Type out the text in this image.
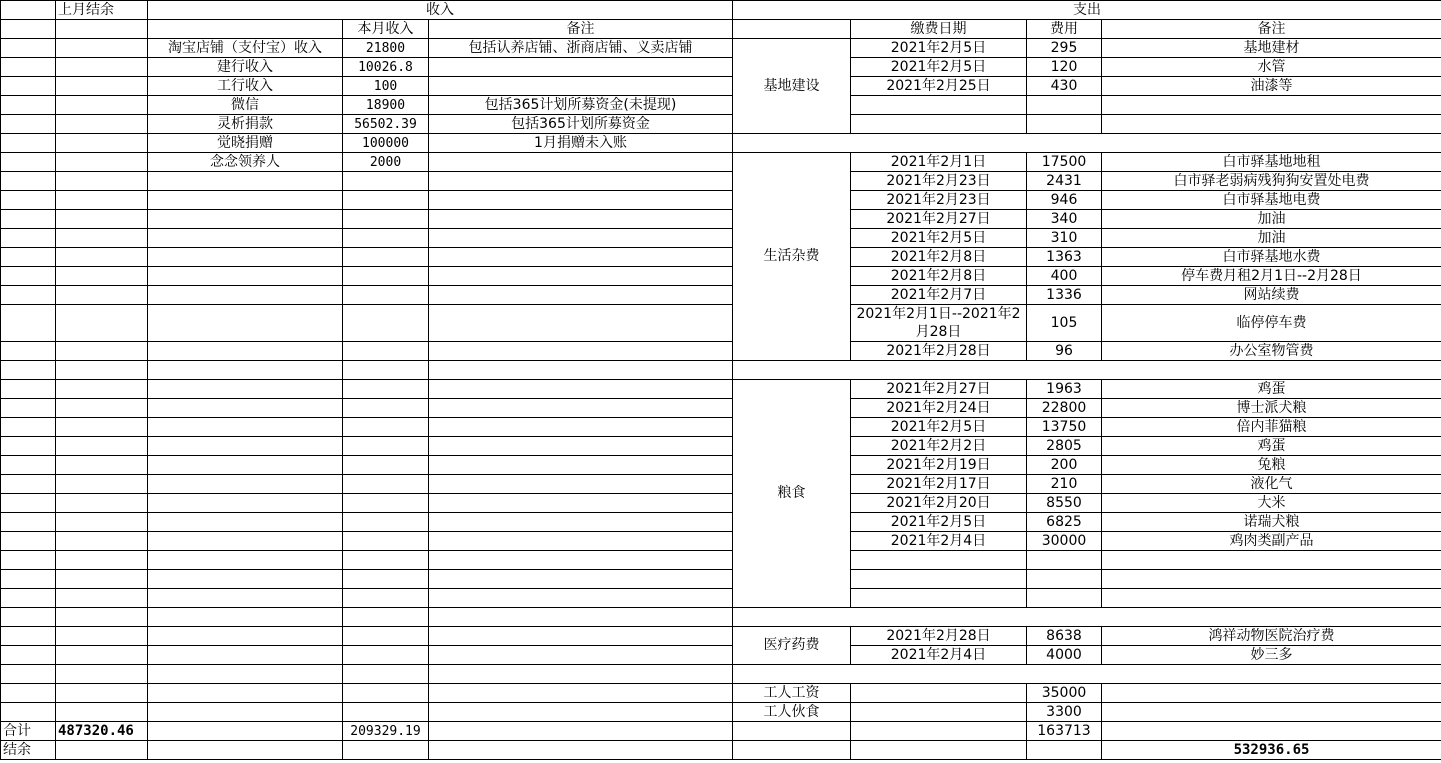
	上月结余	收入			支出			
			本月收入	备注		缴费日期	费用	备注
		淘宝店铺（支付宝）收入	21800	包括认养店铺、浙商店铺、义卖店铺	基地建设	2021年2月5日	295	基地建材
		建行收入	10026.8			2021年2月5日	120	水管
		工行收入	100			2021年2月25日	430	油漆等
		微信	18900	包括365计划所募资金(未提现)				
		灵析捐款	56502.39	包括365计划所募资金				
		觉晓捐赠	100000	1月捐赠未入账				
		念念领养人	2000		生活杂费	2021年2月1日	17500	白市驿基地地租
						2021年2月23日	2431	白市驿老弱病残狗狗安置处电费
						2021年2月23日	946	白市驿基地电费
						2021年2月27日	340	加油
						2021年2月5日	310	加油
						2021年2月8日	1363	白市驿基地水费
						2021年2月8日	400	停车费月租2月1日--2月28日
						2021年2月7日	1336	网站续费
						2021年2月1日--2021年2月28日	105	临停停车费
						2021年2月28日	96	办公室物管费

					粮食	2021年2月27日	1963	鸡蛋
						2021年2月24日	22800	博士派犬粮
						2021年2月5日	13750	倍内菲猫粮
						2021年2月2日	2805	鸡蛋
						2021年2月19日	200	兔粮
						2021年2月17日	210	液化气
						2021年2月20日	8550	大米
						2021年2月5日	6825	诺瑞犬粮
						2021年2月4日	30000	鸡肉类副产品

					医疗药费	2021年2月28日	8638	鸿祥动物医院治疗费
						2021年2月4日	4000	妙三多

					工人工资		35000	
					工人伙食		3300	
合计	487320.46		209329.19				163713	
结余								532936.65
